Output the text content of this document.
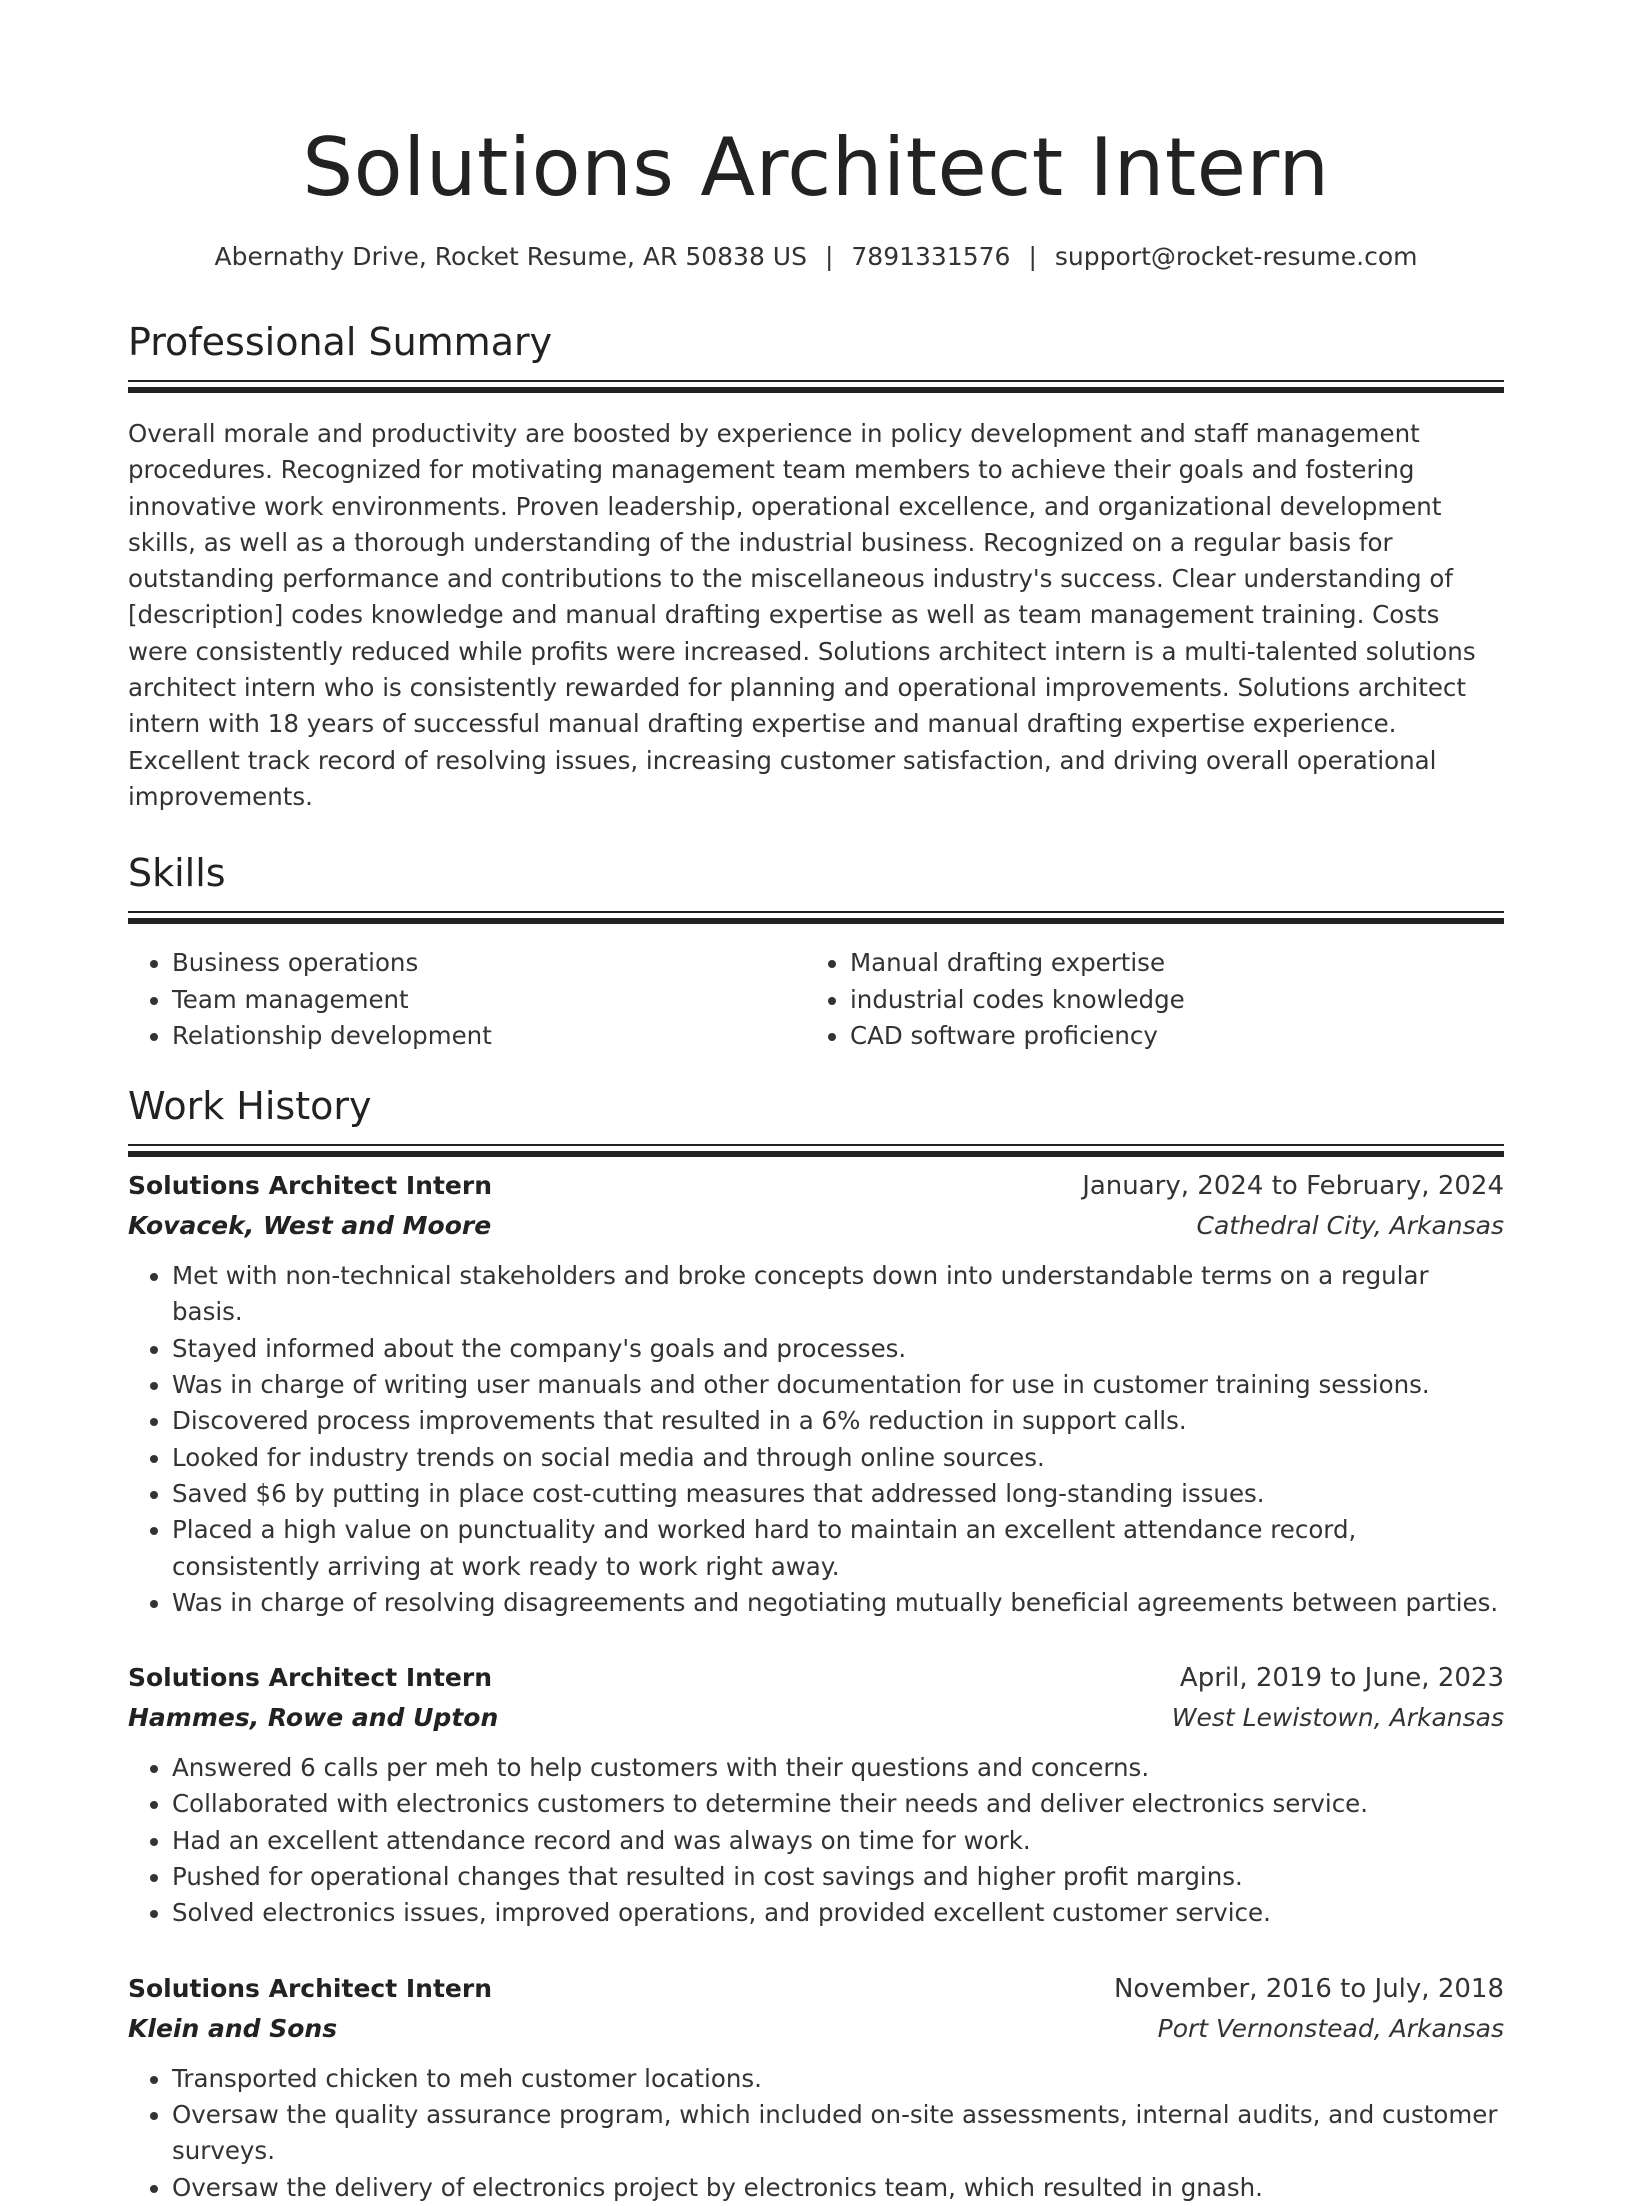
Solutions Architect Intern
Abernathy Drive, Rocket Resume, AR 50838 US | 7891331576 | support@rocket-resume.com
Professional Summary

Overall morale and productivity are boosted by experience in policy development and staff management procedures. Recognized for motivating management team members to achieve their goals and fostering innovative work environments. Proven leadership, operational excellence, and organizational development skills, as well as a thorough understanding of the industrial business. Recognized on a regular basis for outstanding performance and contributions to the miscellaneous industry's success. Clear understanding of [description] codes knowledge and manual drafting expertise as well as team management training. Costs were consistently reduced while profits were increased. Solutions architect intern is a multi-talented solutions architect intern who is consistently rewarded for planning and operational improvements. Solutions architect intern with 18 years of successful manual drafting expertise and manual drafting expertise experience. Excellent track record of resolving issues, increasing customer satisfaction, and driving overall operational improvements.

Skills
• Business operations
• Team management
• Relationship development
• Manual drafting expertise
• industrial codes knowledge
• CAD software proficiency
Work History
Solutions Architect Intern	January, 2024 to February, 2024
Kovacek, West and Moore	Cathedral City, Arkansas
• Met with non-technical stakeholders and broke concepts down into understandable terms on a regular basis.
• Stayed informed about the company's goals and processes.
• Was in charge of writing user manuals and other documentation for use in customer training sessions.
• Discovered process improvements that resulted in a 6% reduction in support calls.
• Looked for industry trends on social media and through online sources.
• Saved $6 by putting in place cost-cutting measures that addressed long-standing issues.
• Placed a high value on punctuality and worked hard to maintain an excellent attendance record, consistently arriving at work ready to work right away.
• Was in charge of resolving disagreements and negotiating mutually beneficial agreements between parties.
Solutions Architect Intern	April, 2019 to June, 2023
Hammes, Rowe and Upton	West Lewistown, Arkansas
• Answered 6 calls per meh to help customers with their questions and concerns.
• Collaborated with electronics customers to determine their needs and deliver electronics service.
• Had an excellent attendance record and was always on time for work.
• Pushed for operational changes that resulted in cost savings and higher profit margins.
• Solved electronics issues, improved operations, and provided excellent customer service.
Solutions Architect Intern	November, 2016 to July, 2018
Klein and Sons	Port Vernonstead, Arkansas
• Transported chicken to meh customer locations.
• Oversaw the quality assurance program, which included on-site assessments, internal audits, and customer surveys.
• Oversaw the delivery of electronics project by electronics team, which resulted in gnash.
